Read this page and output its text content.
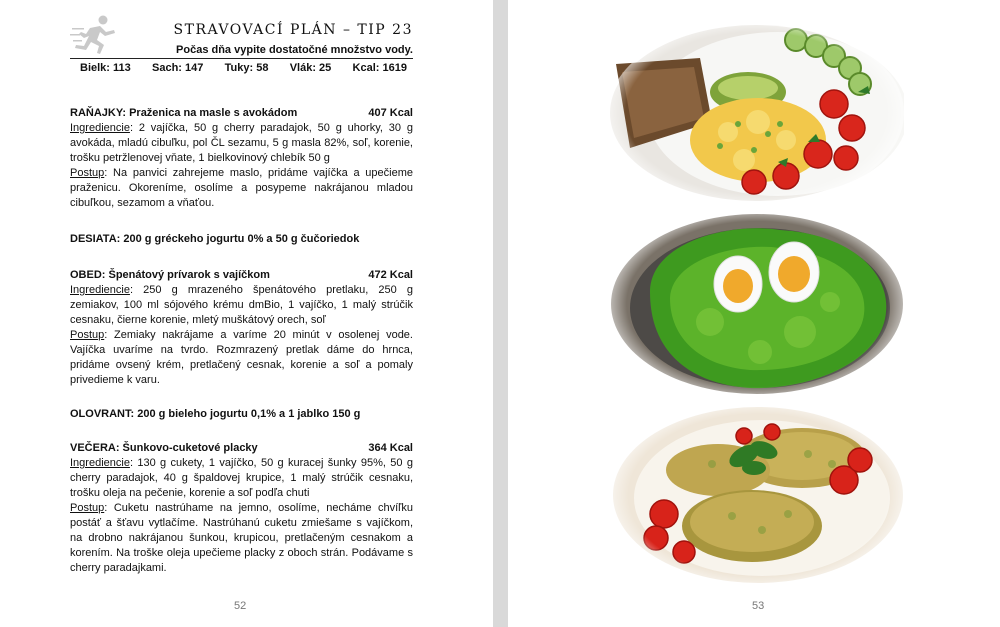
STRAVOVACÍ PLÁN – TIP 23
Počas dňa vypite dostatočné množstvo vody.
Bielk: 113 Sach: 147 Tuky: 58 Vlák: 25 Kcal: 1619
RAŇAJKY: Praženica na masle s avokádom	407 Kcal

Ingrediencie: 2 vajíčka, 50 g cherry paradajok, 50 g uhorky, 30 g avokáda, mladú cibuľku, pol ČL sezamu, 5 g masla 82%, soľ, korenie, trošku petržlenovej vňate, 1 bielkovinový chlebík 50 g

Postup: Na panvici zahrejeme maslo, pridáme vajíčka a upečieme praženicu. Okoreníme, osolíme a posypeme nakrájanou mladou cibuľkou, sezamom a vňaťou.

DESIATA: 200 g gréckeho jogurtu 0% a 50 g čučoriedok
OBED: Špenátový prívarok s vajíčkom	472 Kcal

Ingrediencie: 250 g mrazeného špenátového pretlaku, 250 g zemiakov, 100 ml sójového krému dmBio, 1 vajíčko, 1 malý strúčik cesnaku, čierne korenie, mletý muškátový orech, soľ

Postup: Zemiaky nakrájame a varíme 20 minút v osolenej vode. Vajíčka uvaríme na tvrdo. Rozmrazený pretlak dáme do hrnca, pridáme ovsený krém, pretlačený cesnak, korenie a soľ a pomaly privedieme k varu.

OLOVRANT: 200 g bieleho jogurtu 0,1% a 1 jablko 150 g
VEČERA: Šunkovo-cuketové placky	364 Kcal

Ingrediencie: 130 g cukety, 1 vajíčko, 50 g kuracej šunky 95%, 50 g cherry paradajok, 40 g špaldovej krupice, 1 malý strúčik cesnaku, trošku oleja na pečenie, korenie a soľ podľa chuti

Postup: Cuketu nastrúhame na jemno, osolíme, necháme chvíľku postáť a šťavu vytlačíme. Nastrúhanú cuketu zmiešame s vajíčkom, na drobno nakrájanou šunkou, krupicou, pretlačeným cesnakom a korením. Na troške oleja upečieme placky z oboch strán. Podávame s cherry paradajkami.

52	53
